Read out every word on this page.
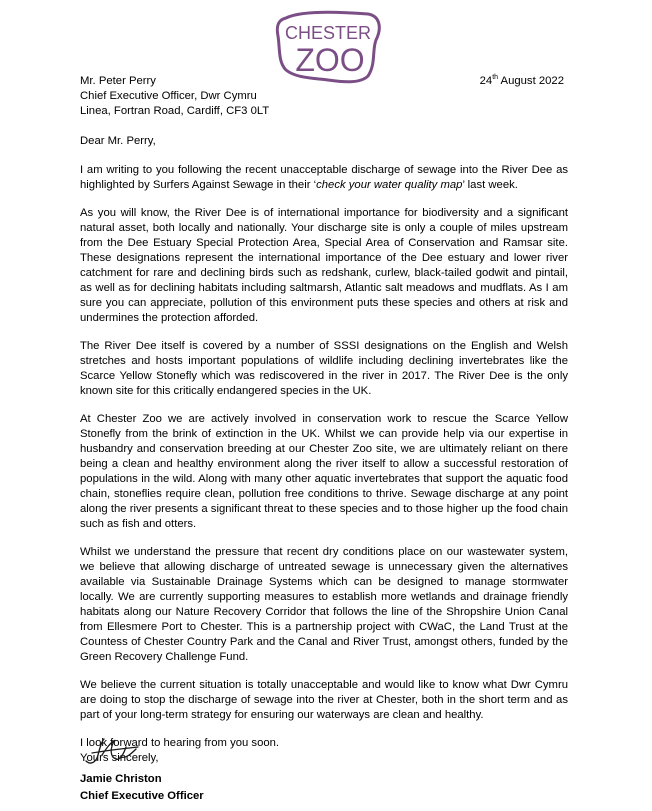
CHESTER
ZOO
Mr. Peter Perry
Chief Executive Officer, Dwr Cymru
Linea, Fortran Road, Cardiff, CF3 0LT
24th August 2022

Dear Mr. Perry,

I am writing to you following the recent unacceptable discharge of sewage into the River Dee as highlighted by Surfers Against Sewage in their ‘check your water quality map’ last week.

As you will know, the River Dee is of international importance for biodiversity and a significant natural asset, both locally and nationally. Your discharge site is only a couple of miles upstream from the Dee Estuary Special Protection Area, Special Area of Conservation and Ramsar site. These designations represent the international importance of the Dee estuary and lower river catchment for rare and declining birds such as redshank, curlew, black-tailed godwit and pintail, as well as for declining habitats including saltmarsh, Atlantic salt meadows and mudflats. As I am sure you can appreciate, pollution of this environment puts these species and others at risk and undermines the protection afforded.

The River Dee itself is covered by a number of SSSI designations on the English and Welsh stretches and hosts important populations of wildlife including declining invertebrates like the Scarce Yellow Stonefly which was rediscovered in the river in 2017. The River Dee is the only known site for this critically endangered species in the UK.

At Chester Zoo we are actively involved in conservation work to rescue the Scarce Yellow Stonefly from the brink of extinction in the UK. Whilst we can provide help via our expertise in husbandry and conservation breeding at our Chester Zoo site, we are ultimately reliant on there being a clean and healthy environment along the river itself to allow a successful restoration of populations in the wild. Along with many other aquatic invertebrates that support the aquatic food chain, stoneflies require clean, pollution free conditions to thrive. Sewage discharge at any point along the river presents a significant threat to these species and to those higher up the food chain such as fish and otters.

Whilst we understand the pressure that recent dry conditions place on our wastewater system, we believe that allowing discharge of untreated sewage is unnecessary given the alternatives available via Sustainable Drainage Systems which can be designed to manage stormwater locally. We are currently supporting measures to establish more wetlands and drainage friendly habitats along our Nature Recovery Corridor that follows the line of the Shropshire Union Canal from Ellesmere Port to Chester. This is a partnership project with CWaC, the Land Trust at the Countess of Chester Country Park and the Canal and River Trust, amongst others, funded by the Green Recovery Challenge Fund.

We believe the current situation is totally unacceptable and would like to know what Dwr Cymru are doing to stop the discharge of sewage into the river at Chester, both in the short term and as part of your long-term strategy for ensuring our waterways are clean and healthy.

I look forward to hearing from you soon.

Yours sincerely,

Jamie Christon
Chief Executive Officer
